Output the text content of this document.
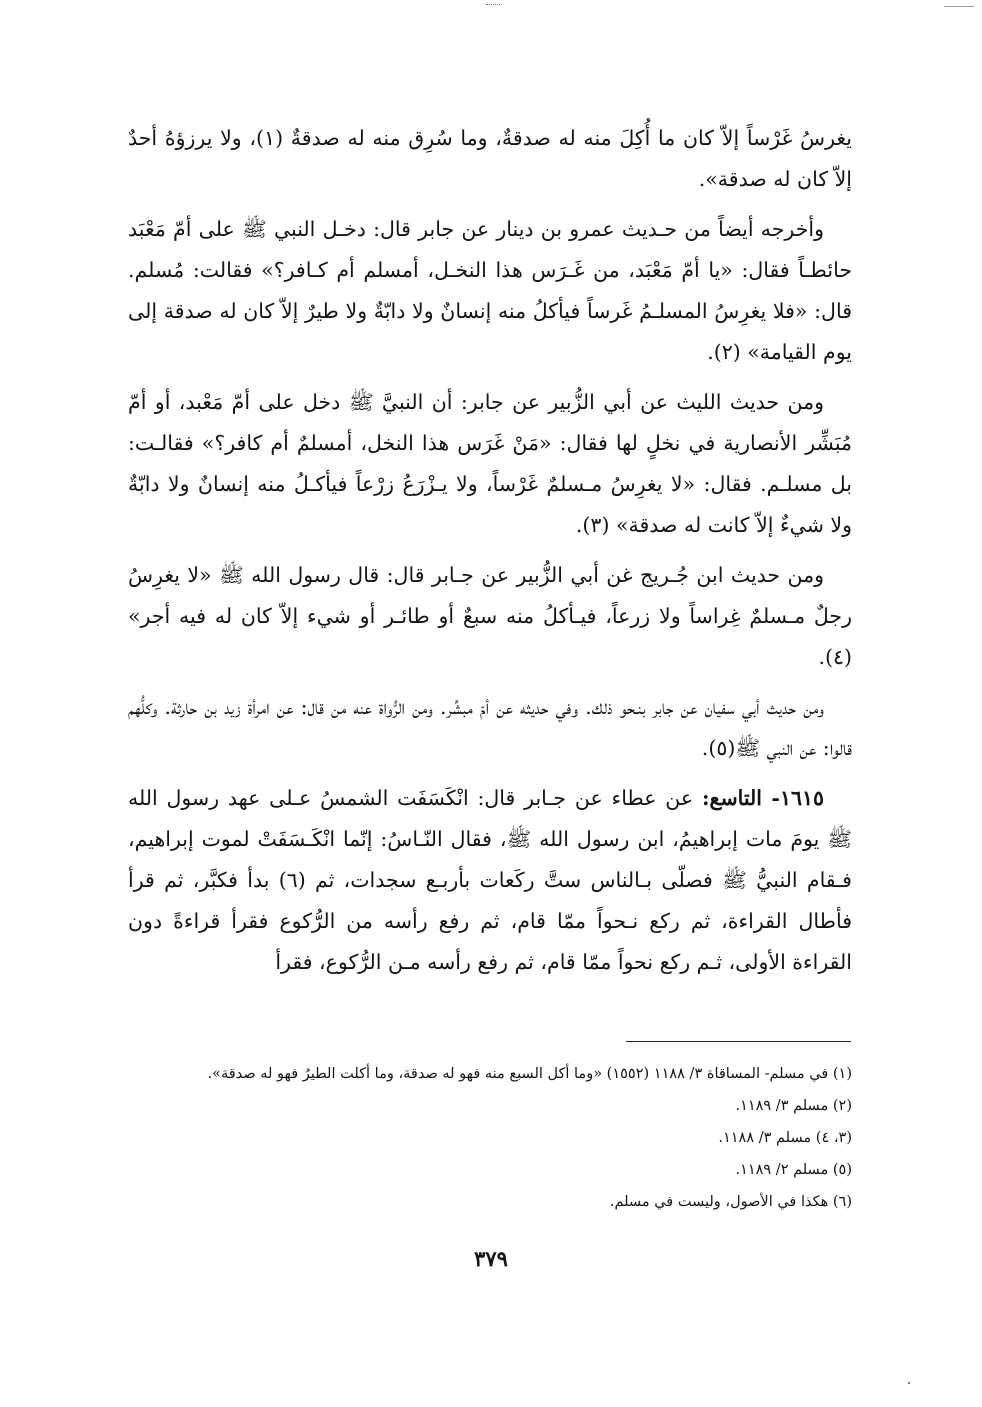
يغرسُ غَرْساً إلاّ كان ما أُكِلَ منه له صدقةٌ، وما سُرِق منه له صدقةٌ (١)، ولا يرزؤهُ أحدٌ إلاّ كان له صدقة».

وأخرجه أيضاً من حـديث عمرو بن دينار عن جابر قال: دخـل النبي ﷺ على أمّ مَعْبَد حائطـاً فقال: «يا أمّ مَعْبَد، من غَـرَس هذا النخـل، أمسلم أم كـافر؟» فقالت: مُسلم. قال: «فلا يغرِسُ المسلـمُ غَرساً فيأكلُ منه إنسانٌ ولا دابّةٌ ولا طيرٌ إلاّ كان له صدقة إلى يوم القيامة» (٢).

ومن حديث الليث عن أبي الزُّبير عن جابر: أن النبيَّ ﷺ دخل على أمّ مَعْبد، أو أمّ مُبَشِّر الأنصارية في نخلٍ لها فقال: «مَنْ غَرَس هذا النخل، أمسلمٌ أم كافر؟» فقالـت: بل مسلـم. فقال: «لا يغرِسُ مـسلمٌ غَرْساً، ولا يـزْرَعُ زرْعاً فيأكـلُ منه إنسانٌ ولا دابّةٌ ولا شيءٌ إلاّ كانت له صدقة» (٣).

ومن حديث ابن جُـريج غن أبي الزُّبير عن جـابر قال: قال رسول الله ﷺ «لا يغرِسُ رجلٌ مـسلمٌ غِراساً ولا زرعاً، فيـأكلُ منه سبعٌ أو طائـر أو شيء إلاّ كان له فيه أجر» (٤).

ومن حديث أبي سفيان عن جابر بنـحو ذلك. وفي حديثه عن أمّ مبشِّر. ومن الرُّواة عنه من قال: عن امرأة زيد بن حارثة. وكلُّهم قالوا: عن النبي ﷺ(٥).

١٦١٥- التاسع: عن عطاء عن جـابر قال: انْكَسَفَت الشمسُ عـلى عهد رسول الله ﷺ يومَ مات إبراهيمُ، ابن رسول الله ﷺ، فقال النّـاسُ: إنّما انْكَـسَفَتْ لموت إبراهيم، فـقام النبيُّ ﷺ فصلّى بـالناس ستَّ ركَعات بأربـع سجدات، ثم (٦) بدأ فكبَّر، ثم قرأ فأطال القراءة، ثم ركع نـحواً ممّا قام، ثم رفع رأسه من الرُّكوع فقرأ قراءةً دون القراءة الأولى، ثـم ركع نحواً ممّا قام، ثم رفع رأسه مـن الرُّكوع، فقرأ

(١) في مسلم- المساقاة ٣/ ١١٨٨ (١٥٥٢) «وما أكل السبع منه فهو له صدقة، وما أكلت الطيرُ فهو له صدقة».

(٢) مسلم ٣/ ١١٨٩.

(٣، ٤) مسلم ٣/ ١١٨٨.

(٥) مسلم ٢/ ١١٨٩.

(٦) هكذا في الأصول، وليست في مسلم.

٣٧٩
